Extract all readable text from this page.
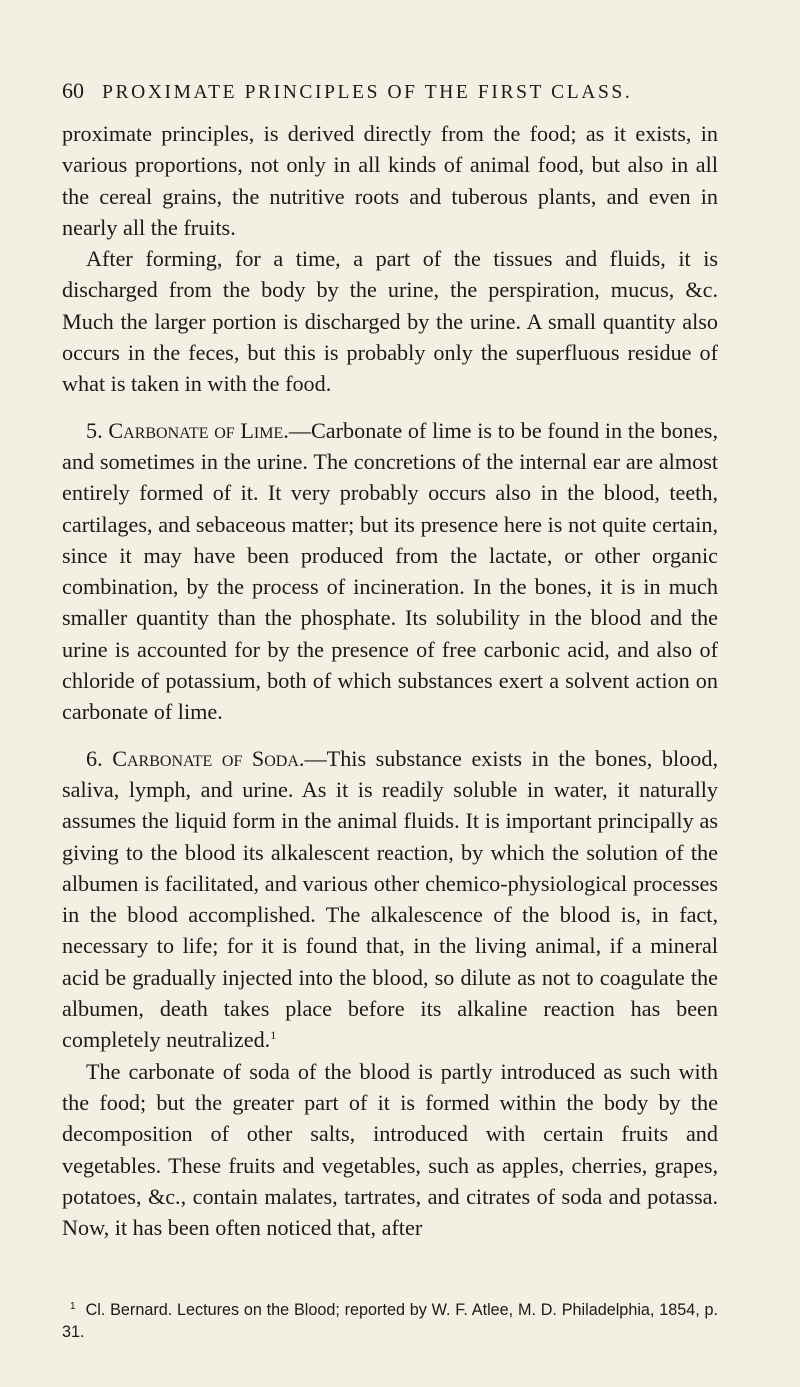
60 PROXIMATE PRINCIPLES OF THE FIRST CLASS.

proximate principles, is derived directly from the food; as it exists, in various proportions, not only in all kinds of animal food, but also in all the cereal grains, the nutritive roots and tuberous plants, and even in nearly all the fruits.

After forming, for a time, a part of the tissues and fluids, it is discharged from the body by the urine, the perspiration, mucus, &c. Much the larger portion is discharged by the urine. A small quantity also occurs in the feces, but this is probably only the superfluous residue of what is taken in with the food.

5. Carbonate of Lime.—Carbonate of lime is to be found in the bones, and sometimes in the urine. The concretions of the internal ear are almost entirely formed of it. It very probably occurs also in the blood, teeth, cartilages, and sebaceous matter; but its presence here is not quite certain, since it may have been produced from the lactate, or other organic combination, by the process of incineration. In the bones, it is in much smaller quantity than the phosphate. Its solubility in the blood and the urine is accounted for by the presence of free carbonic acid, and also of chloride of potassium, both of which substances exert a solvent action on carbonate of lime.

6. Carbonate of Soda.—This substance exists in the bones, blood, saliva, lymph, and urine. As it is readily soluble in water, it naturally assumes the liquid form in the animal fluids. It is important principally as giving to the blood its alkalescent reaction, by which the solution of the albumen is facilitated, and various other chemico-physiological processes in the blood accomplished. The alkalescence of the blood is, in fact, necessary to life; for it is found that, in the living animal, if a mineral acid be gradually injected into the blood, so dilute as not to coagulate the albumen, death takes place before its alkaline reaction has been completely neutralized.$^1$

The carbonate of soda of the blood is partly introduced as such with the food; but the greater part of it is formed within the body by the decomposition of other salts, introduced with certain fruits and vegetables. These fruits and vegetables, such as apples, cherries, grapes, potatoes, &c., contain malates, tartrates, and citrates of soda and potassa. Now, it has been often noticed that, after

$^1$ Cl. Bernard. Lectures on the Blood; reported by W. F. Atlee, M. D. Philadelphia, 1854, p. 31.
